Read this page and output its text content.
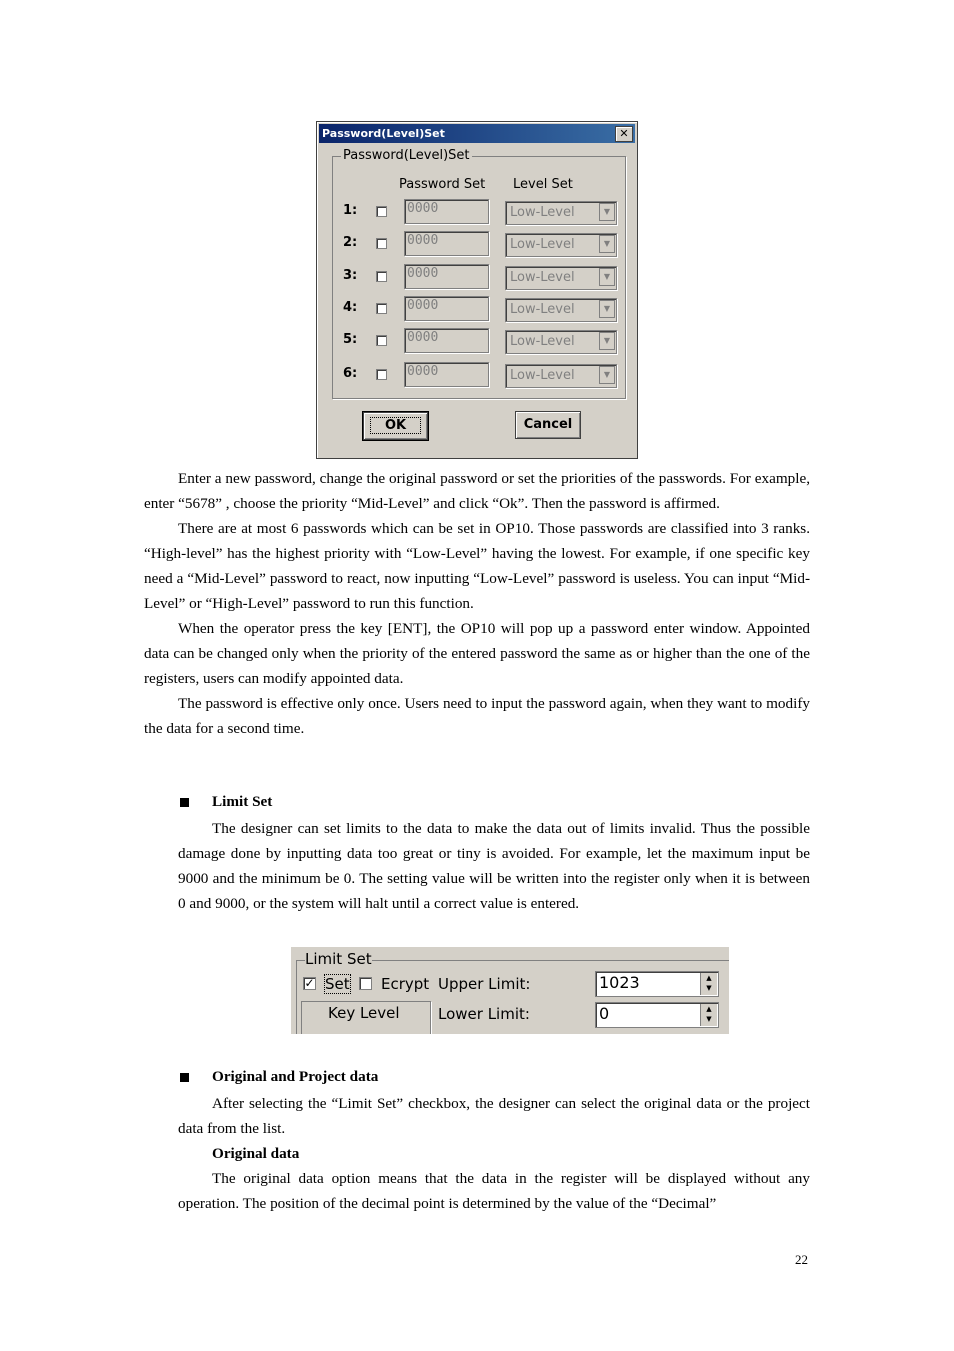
Password(Level)Set	✕
Password(Level)Set
Password Set Level Set
1:	0000	Low-Level	▼
2:	0000	Low-Level	▼
3:	0000	Low-Level	▼
4:	0000	Low-Level	▼
5:	0000	Low-Level	▼
6:	0000	Low-Level	▼
OK	Cancel
Enter a new password, change the original password or set the priorities of the passwords. For example, enter “5678” , choose the priority “Mid-Level” and click “Ok”. Then the password is affirmed.
There are at most 6 passwords which can be set in OP10. Those passwords are classified into 3 ranks. “High-level” has the highest priority with “Low-Level” having the lowest. For example, if one specific key need a “Mid-Level” password to react, now inputting “Low-Level” password is useless. You can input “Mid-Level” or “High-Level” password to run this function.
When the operator press the key [ENT], the OP10 will pop up a password enter window. Appointed data can be changed only when the priority of the entered password the same as or higher than the one of the registers, users can modify appointed data.
The password is effective only once. Users need to input the password again, when they want to modify the data for a second time.
Limit Set
The designer can set limits to the data to make the data out of limits invalid. Thus the possible damage done by inputting data too great or tiny is avoided. For example, let the maximum input be 9000 and the minimum be 0. The setting value will be written into the register only when it is between 0 and 9000, or the system will halt until a correct value is entered.
Limit Set
✓ Set Ecrypt Upper Limit:	1023	▲
▼
Key Level	Lower Limit:	0	▲
▼
Original and Project data
After selecting the “Limit Set” checkbox, the designer can select the original data or the project data from the list.
Original data
The original data option means that the data in the register will be displayed without any operation. The position of the decimal point is determined by the value of the “Decimal”
22
